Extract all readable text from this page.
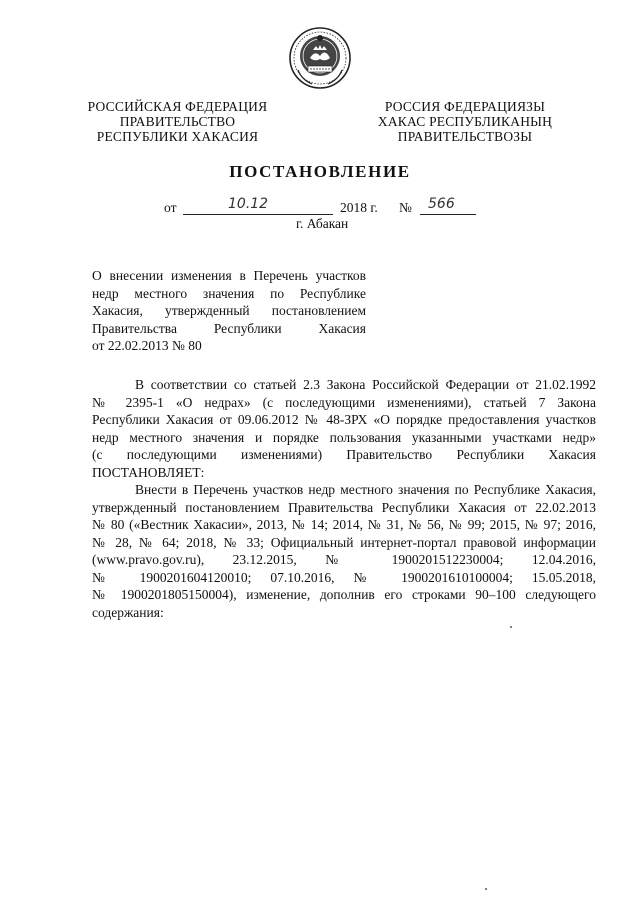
РОССИЙСКАЯ ФЕДЕРАЦИЯ
ПРАВИТЕЛЬСТВО
РЕСПУБЛИКИ ХАКАСИЯ
РОССИЯ ФЕДЕРАЦИЯЗЫ
ХАКАС РЕСПУБЛИКАНЫҢ
ПРАВИТЕЛЬСТВОЗЫ
ПОСТАНОВЛЕНИЕ
от	10.12	2018 г. № 566
г. Абакан
О внесении изменения в Перечень участков
недр местного значения по Республике
Хакасия, утвержденный постановлением
Правительства Республики Хакасия
от 22.02.2013 № 80
В соответствии со статьей 2.3 Закона Российской Федерации от 21.02.1992
№ 2395-1 «О недрах» (с последующими изменениями), статьей 7 Закона
Республики Хакасия от 09.06.2012 № 48-ЗРХ «О порядке предоставления участков
недр местного значения и порядке пользования указанными участками недр»
(с последующими изменениями) Правительство Республики Хакасия
ПОСТАНОВЛЯЕТ:
Внести в Перечень участков недр местного значения по Республике Хакасия,
утвержденный постановлением Правительства Республики Хакасия от 22.02.2013
№ 80 («Вестник Хакасии», 2013, № 14; 2014, № 31, № 56, № 99; 2015, № 97; 2016,
№ 28, № 64; 2018, № 33; Официальный интернет-портал правовой информации
(www.pravo.gov.ru), 23.12.2015, № 1900201512230004; 12.04.2016,
№ 1900201604120010; 07.10.2016, № 1900201610100004; 15.05.2018,
№ 1900201805150004), изменение, дополнив его строками 90–100 следующего
содержания:
